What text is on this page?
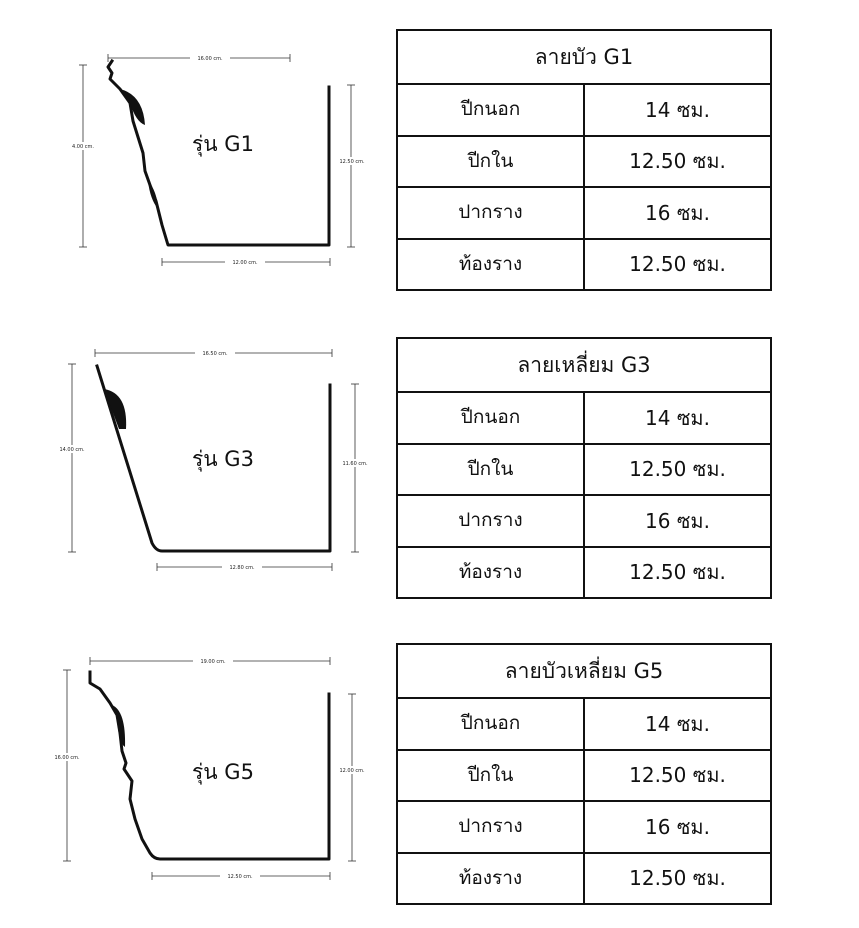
16.00 cm.
4.00 cm.
12.50 cm.
12.00 cm.
รุ่น G1
ลายบัว G1	
ปีกนอก	14 ซม.
ปีกใน	12.50 ซม.
ปากราง	16 ซม.
ท้องราง	12.50 ซม.
16.50 cm.
14.00 cm.
11.60 cm.
12.80 cm.
รุ่น G3
ลายเหลี่ยม G3	
ปีกนอก	14 ซม.
ปีกใน	12.50 ซม.
ปากราง	16 ซม.
ท้องราง	12.50 ซม.
19.00 cm.
16.00 cm.
12.00 cm.
12.50 cm.
รุ่น G5
ลายบัวเหลี่ยม G5	
ปีกนอก	14 ซม.
ปีกใน	12.50 ซม.
ปากราง	16 ซม.
ท้องราง	12.50 ซม.
